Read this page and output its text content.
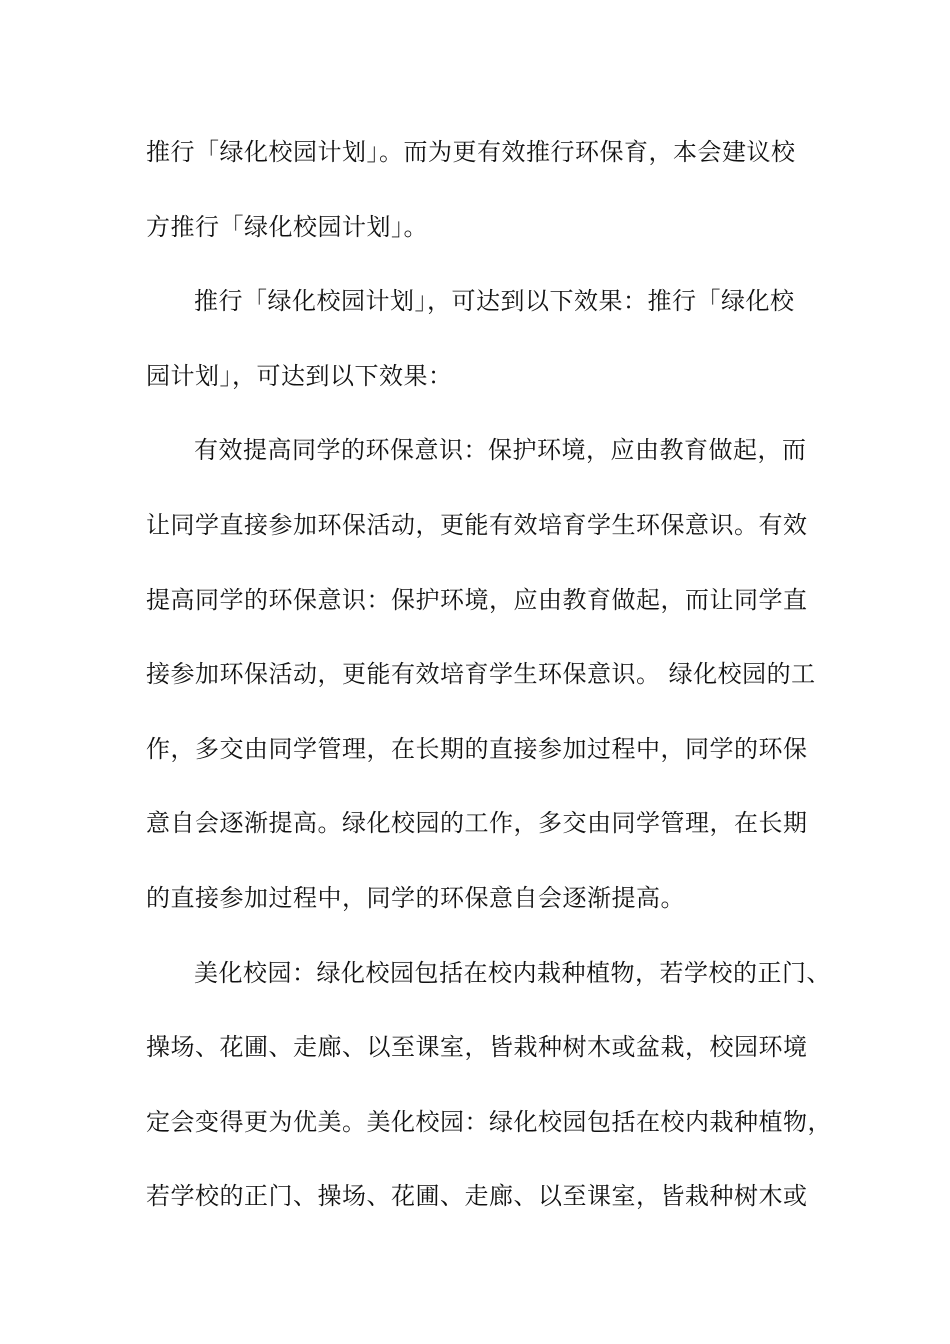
推行「绿化校园计划」。而为更有效推行环保育，本会建议校
方推行「绿化校园计划」。
推行「绿化校园计划」，可达到以下效果：推行「绿化校
园计划」，可达到以下效果：
有效提高同学的环保意识：保护环境，应由教育做起，而
让同学直接参加环保活动，更能有效培育学生环保意识。有效
提高同学的环保意识：保护环境，应由教育做起，而让同学直
接参加环保活动，更能有效培育学生环保意识。 绿化校园的工
作，多交由同学管理，在长期的直接参加过程中，同学的环保
意自会逐渐提高。绿化校园的工作，多交由同学管理，在长期
的直接参加过程中，同学的环保意自会逐渐提高。
美化校园：绿化校园包括在校内栽种植物，若学校的正门、
操场、花圃、走廊、以至课室，皆栽种树木或盆栽，校园环境
定会变得更为优美。美化校园：绿化校园包括在校内栽种植物，
若学校的正门、操场、花圃、走廊、以至课室，皆栽种树木或
